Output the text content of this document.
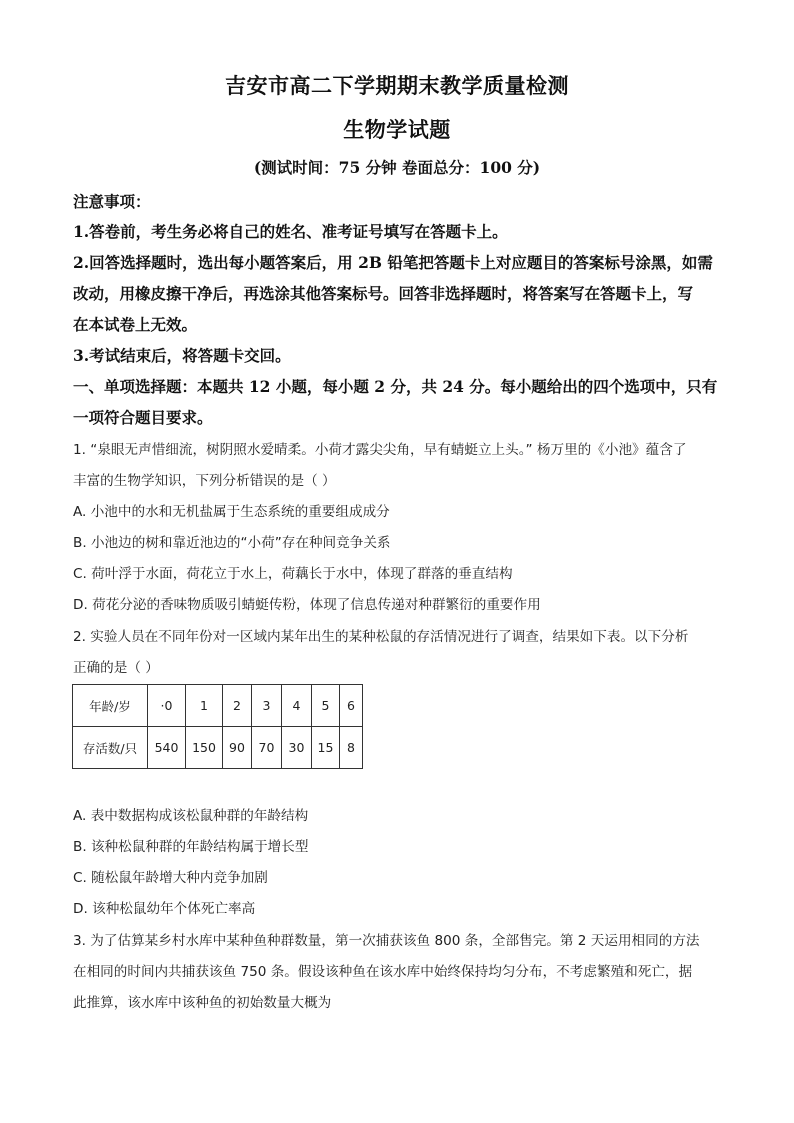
吉安市高二下学期期末教学质量检测
生物学试题
(测试时间：75 分钟 卷面总分：100 分)
注意事项：
1.答卷前，考生务必将自己的姓名、准考证号填写在答题卡上。
2.回答选择题时，选出每小题答案后，用 2B 铅笔把答题卡上对应题目的答案标号涂黑，如需
改动，用橡皮擦干净后，再选涂其他答案标号。回答非选择题时，将答案写在答题卡上，写
在本试卷上无效。
3.考试结束后，将答题卡交回。
一、单项选择题：本题共 12 小题，每小题 2 分，共 24 分。每小题给出的四个选项中，只有
一项符合题目要求。
1. “泉眼无声惜细流，树阴照水爱晴柔。小荷才露尖尖角，早有蜻蜓立上头。” 杨万里的《小池》蕴含了
丰富的生物学知识，下列分析错误的是（ ）
A. 小池中的水和无机盐属于生态系统的重要组成成分
B. 小池边的树和靠近池边的“小荷”存在种间竞争关系
C. 荷叶浮于水面，荷花立于水上，荷藕长于水中，体现了群落的垂直结构
D. 荷花分泌的香味物质吸引蜻蜓传粉，体现了信息传递对种群繁衍的重要作用
2. 实验人员在不同年份对一区域内某年出生的某种松鼠的存活情况进行了调查，结果如下表。以下分析
正确的是（ ）
年龄/岁	·0	1	2	3	4	5	6
存活数/只	540	150	90	70	30	15	8
A. 表中数据构成该松鼠种群的年龄结构
B. 该种松鼠种群的年龄结构属于增长型
C. 随松鼠年龄增大种内竞争加剧
D. 该种松鼠幼年个体死亡率高
3. 为了估算某乡村水库中某种鱼种群数量，第一次捕获该鱼 800 条，全部售完。第 2 天运用相同的方法
在相同的时间内共捕获该鱼 750 条。假设该种鱼在该水库中始终保持均匀分布，不考虑繁殖和死亡，据
此推算，该水库中该种鱼的初始数量大概为
